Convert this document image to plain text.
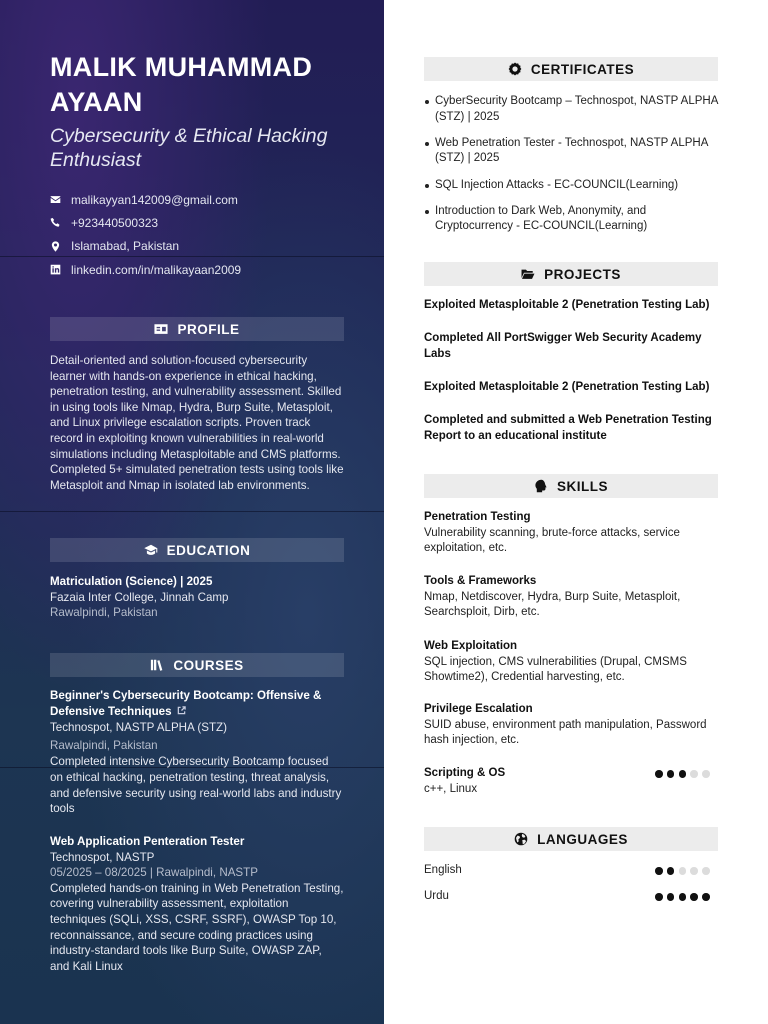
MALIK MUHAMMAD AYAAN
Cybersecurity & Ethical Hacking Enthusiast
malikayyan142009@gmail.com
+923440500323
Islamabad, Pakistan
linkedin.com/in/malikayaan2009
PROFILE
Detail-oriented and solution-focused cybersecurity learner with hands-on experience in ethical hacking, penetration testing, and vulnerability assessment. Skilled in using tools like Nmap, Hydra, Burp Suite, Metasploit, and Linux privilege escalation scripts. Proven track record in exploiting known vulnerabilities in real-world simulations including Metasploitable and CMS platforms. Completed 5+ simulated penetration tests using tools like Metasploit and Nmap in isolated lab environments.
EDUCATION
Matriculation (Science) | 2025
Fazaia Inter College, Jinnah Camp
Rawalpindi, Pakistan
COURSES
Beginner's Cybersecurity Bootcamp: Offensive & Defensive Techniques
Technospot, NASTP ALPHA (STZ)
Rawalpindi, Pakistan
Completed intensive Cybersecurity Bootcamp focused on ethical hacking, penetration testing, threat analysis, and defensive security using real-world labs and industry tools
Web Application Penteration Tester
Technospot, NASTP
05/2025 – 08/2025 | Rawalpindi, NASTP
Completed hands-on training in Web Penetration Testing, covering vulnerability assessment, exploitation techniques (SQLi, XSS, CSRF, SSRF), OWASP Top 10, reconnaissance, and secure coding practices using industry-standard tools like Burp Suite, OWASP ZAP, and Kali Linux
CERTIFICATES
CyberSecurity Bootcamp – Technospot, NASTP ALPHA (STZ) | 2025
Web Penetration Tester - Technospot, NASTP ALPHA (STZ) | 2025
SQL Injection Attacks - EC-COUNCIL(Learning)
Introduction to Dark Web, Anonymity, and Cryptocurrency - EC-COUNCIL(Learning)
PROJECTS
Exploited Metasploitable 2 (Penetration Testing Lab)
Completed All PortSwigger Web Security Academy Labs
Exploited Metasploitable 2 (Penetration Testing Lab)
Completed and submitted a Web Penetration Testing Report to an educational institute
SKILLS
Penetration Testing
Vulnerability scanning, brute-force attacks, service exploitation, etc.
Tools & Frameworks
Nmap, Netdiscover, Hydra, Burp Suite, Metasploit, Searchsploit, Dirb, etc.
Web Exploitation
SQL injection, CMS vulnerabilities (Drupal, CMSMS Showtime2), Credential harvesting, etc.
Privilege Escalation
SUID abuse, environment path manipulation, Password hash injection, etc.
Scripting & OS
c++, Linux
LANGUAGES
English
Urdu
